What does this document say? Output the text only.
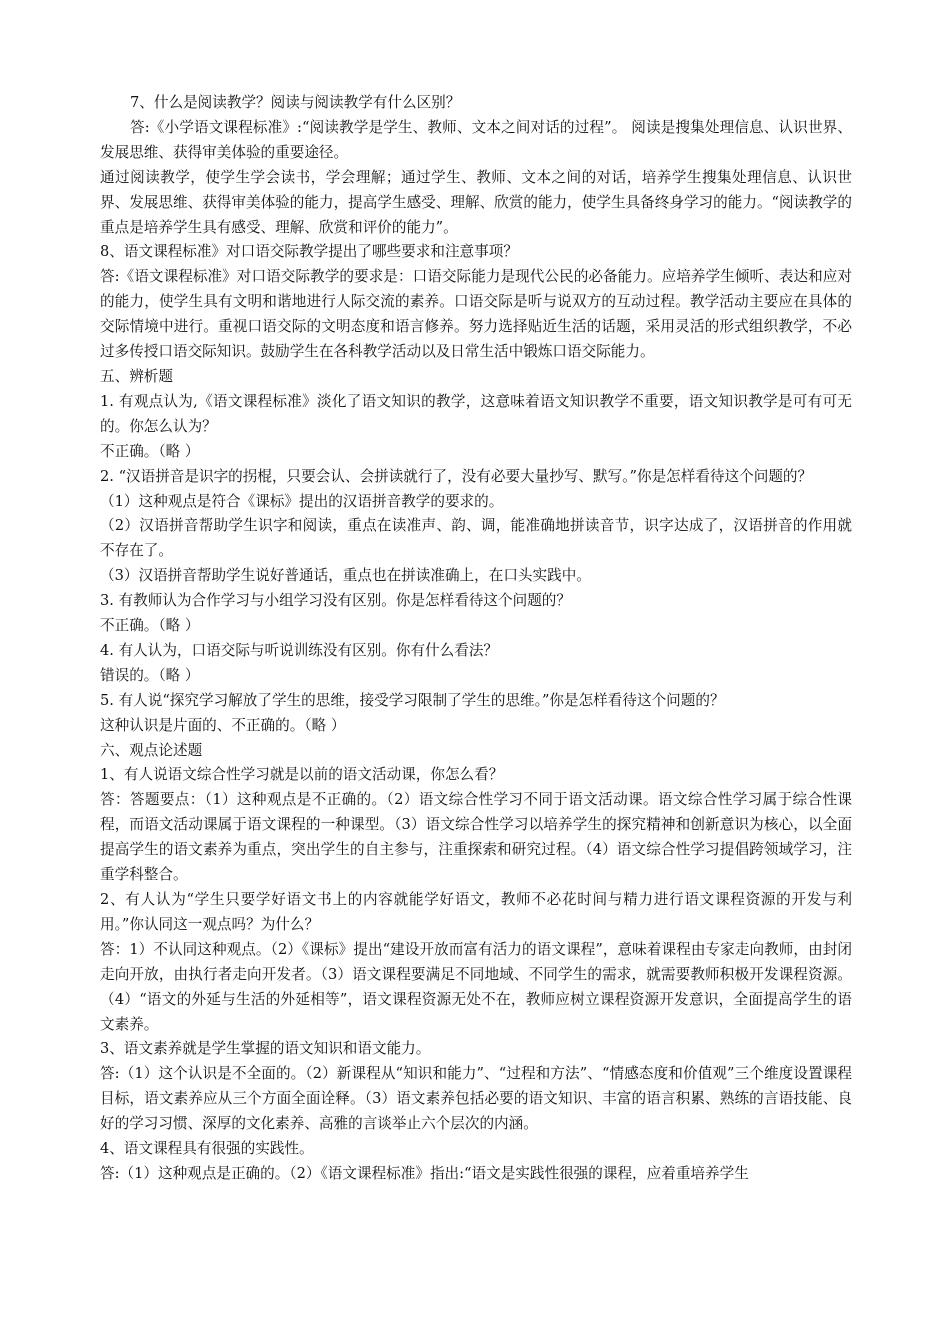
7、什么是阅读教学？阅读与阅读教学有什么区别？

答:《小学语文课程标准》:“阅读教学是学生、教师、文本之间对话的过程”。 阅读是搜集处理信息、认识世界、发展思维、获得审美体验的重要途径。

通过阅读教学，使学生学会读书，学会理解；通过学生、教师、文本之间的对话，培养学生搜集处理信息、认识世界、发展思维、获得审美体验的能力，提高学生感受、理解、欣赏的能力，使学生具备终身学习的能力。“阅读教学的重点是培养学生具有感受、理解、欣赏和评价的能力”。

8、语文课程标准》对口语交际教学提出了哪些要求和注意事项？

答:《语文课程标准》对口语交际教学的要求是：口语交际能力是现代公民的必备能力。应培养学生倾听、表达和应对的能力，使学生具有文明和谐地进行人际交流的素养。口语交际是听与说双方的互动过程。教学活动主要应在具体的交际情境中进行。重视口语交际的文明态度和语言修养。努力选择贴近生活的话题，采用灵活的形式组织教学，不必过多传授口语交际知识。鼓励学生在各科教学活动以及日常生活中锻炼口语交际能力。

五、辨析题

1. 有观点认为,《语文课程标准》淡化了语文知识的教学，这意味着语文知识教学不重要，语文知识教学是可有可无的。你怎么认为？

不正确。（略 ）

2. “汉语拼音是识字的拐棍，只要会认、会拼读就行了，没有必要大量抄写、默写。”你是怎样看待这个问题的？

（1）这种观点是符合《课标》提出的汉语拼音教学的要求的。

（2）汉语拼音帮助学生识字和阅读，重点在读准声、韵、调，能准确地拼读音节，识字达成了，汉语拼音的作用就不存在了。

（3）汉语拼音帮助学生说好普通话，重点也在拼读准确上，在口头实践中。

3. 有教师认为合作学习与小组学习没有区别。你是怎样看待这个问题的？

不正确。（略 ）

4. 有人认为，口语交际与听说训练没有区别。你有什么看法？

错误的。（略 ）

5. 有人说“探究学习解放了学生的思维，接受学习限制了学生的思维。”你是怎样看待这个问题的？

这种认识是片面的、不正确的。（略 ）

六、观点论述题

1、有人说语文综合性学习就是以前的语文活动课，你怎么看？

答：答题要点：（1）这种观点是不正确的。（2）语文综合性学习不同于语文活动课。语文综合性学习属于综合性课程，而语文活动课属于语文课程的一种课型。（3）语文综合性学习以培养学生的探究精神和创新意识为核心，以全面提高学生的语文素养为重点，突出学生的自主参与，注重探索和研究过程。（4）语文综合性学习提倡跨领域学习，注重学科整合。

2、有人认为“学生只要学好语文书上的内容就能学好语文，教师不必花时间与精力进行语文课程资源的开发与利用。”你认同这一观点吗？为什么？

答：1）不认同这种观点。（2）《课标》提出“建设开放而富有活力的语文课程”，意味着课程由专家走向教师，由封闭走向开放，由执行者走向开发者。（3）语文课程要满足不同地域、不同学生的需求，就需要教师积极开发课程资源。（4）“语文的外延与生活的外延相等”，语文课程资源无处不在，教师应树立课程资源开发意识，全面提高学生的语文素养。

3、语文素养就是学生掌握的语文知识和语文能力。

答:（1）这个认识是不全面的。（2）新课程从“知识和能力”、“过程和方法”、“情感态度和价值观”三个维度设置课程目标，语文素养应从三个方面全面诠释。（3）语文素养包括必要的语文知识、丰富的语言积累、熟练的言语技能、良好的学习习惯、深厚的文化素养、高雅的言谈举止六个层次的内涵。

4、语文课程具有很强的实践性。

答:（1）这种观点是正确的。（2）《语文课程标准》指出:“语文是实践性很强的课程，应着重培养学生
